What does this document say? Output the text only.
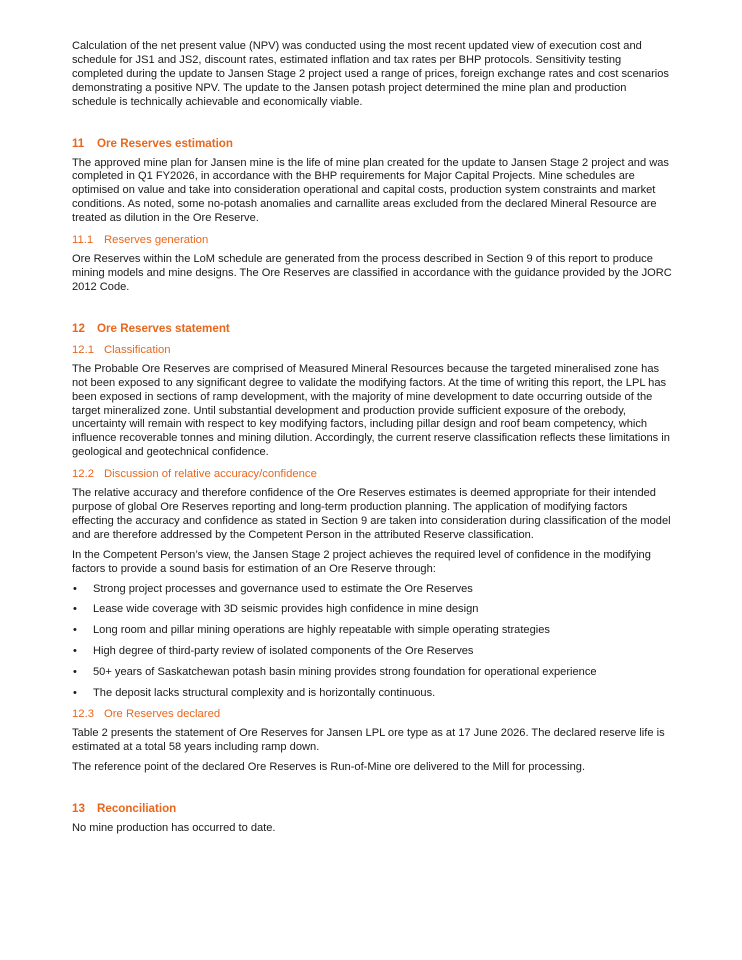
Calculation of the net present value (NPV) was conducted using the most recent updated view of execution cost and schedule for JS1 and JS2, discount rates, estimated inflation and tax rates per BHP protocols. Sensitivity testing completed during the update to Jansen Stage 2 project used a range of prices, foreign exchange rates and cost scenarios demonstrating a positive NPV. The update to the Jansen potash project determined the mine plan and production schedule is technically achievable and economically viable.

11 Ore Reserves estimation

The approved mine plan for Jansen mine is the life of mine plan created for the update to Jansen Stage 2 project and was completed in Q1 FY2026, in accordance with the BHP requirements for Major Capital Projects. Mine schedules are optimised on value and take into consideration operational and capital costs, production system constraints and market conditions. As noted, some no-potash anomalies and carnallite areas excluded from the declared Mineral Resource are treated as dilution in the Ore Reserve.

11.1 Reserves generation

Ore Reserves within the LoM schedule are generated from the process described in Section 9 of this report to produce mining models and mine designs. The Ore Reserves are classified in accordance with the guidance provided by the JORC 2012 Code.

12 Ore Reserves statement
12.1 Classification

The Probable Ore Reserves are comprised of Measured Mineral Resources because the targeted mineralised zone has not been exposed to any significant degree to validate the modifying factors. At the time of writing this report, the LPL has been exposed in sections of ramp development, with the majority of mine development to date occurring outside of the target mineralized zone. Until substantial development and production provide sufficient exposure of the orebody, uncertainty will remain with respect to key modifying factors, including pillar design and roof beam competency, which influence recoverable tonnes and mining dilution. Accordingly, the current reserve classification reflects these limitations in geological and geotechnical confidence.

12.2 Discussion of relative accuracy/confidence

The relative accuracy and therefore confidence of the Ore Reserves estimates is deemed appropriate for their intended purpose of global Ore Reserves reporting and long-term production planning. The application of modifying factors effecting the accuracy and confidence as stated in Section 9 are taken into consideration during classification of the model and are therefore addressed by the Competent Person in the attributed Reserve classification.

In the Competent Person’s view, the Jansen Stage 2 project achieves the required level of confidence in the modifying factors to provide a sound basis for estimation of an Ore Reserve through:

• Strong project processes and governance used to estimate the Ore Reserves
• Lease wide coverage with 3D seismic provides high confidence in mine design
• Long room and pillar mining operations are highly repeatable with simple operating strategies
• High degree of third-party review of isolated components of the Ore Reserves
• 50+ years of Saskatchewan potash basin mining provides strong foundation for operational experience
• The deposit lacks structural complexity and is horizontally continuous.
12.3 Ore Reserves declared

Table 2 presents the statement of Ore Reserves for Jansen LPL ore type as at 17 June 2026. The declared reserve life is estimated at a total 58 years including ramp down.

The reference point of the declared Ore Reserves is Run-of-Mine ore delivered to the Mill for processing.

13 Reconciliation

No mine production has occurred to date.
